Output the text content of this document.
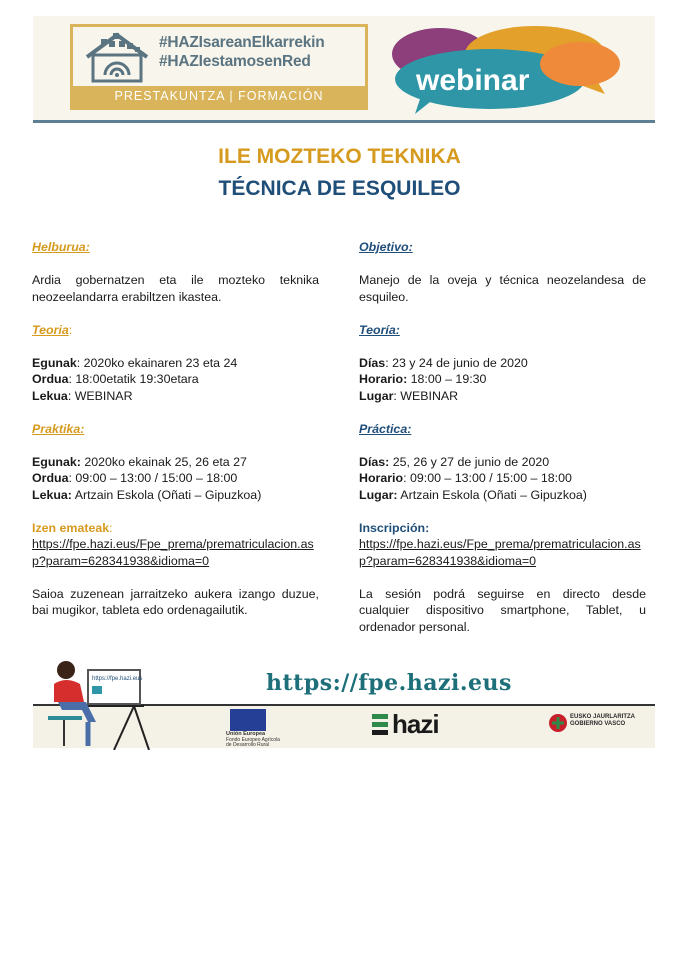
#HAZIsareanElkarrekin
#HAZIestamosenRed
PRESTAKUNTZA | FORMACIÓN	webinar
ILE MOZTEKO TEKNIKA
TÉCNICA DE ESQUILEO
Helburua:
Ardia gobernatzen eta ile mozteko teknika neozeelandarra erabiltzen ikastea.
Teoria:
Egunak: 2020ko ekainaren 23 eta 24
Ordua: 18:00etatik 19:30etara
Lekua: WEBINAR
Praktika:
Egunak: 2020ko ekainak 25, 26 eta 27
Ordua: 09:00 – 13:00 / 15:00 – 18:00
Lekua: Artzain Eskola (Oñati – Gipuzkoa)
Izen emateak:
https://fpe.hazi.eus/Fpe_prema/prematriculacion.asp?param=628341938&idioma=0
Saioa zuzenean jarraitzeko aukera izango duzue, bai mugikor, tableta edo ordenagailutik.
Objetivo:
Manejo de la oveja y técnica neozelandesa de esquileo.
Teoría:
Días: 23 y 24 de junio de 2020
Horario: 18:00 – 19:30
Lugar: WEBINAR
Práctica:
Días: 25, 26 y 27 de junio de 2020
Horario: 09:00 – 13:00 / 15:00 – 18:00
Lugar: Artzain Eskola (Oñati – Gipuzkoa)
Inscripción:
https://fpe.hazi.eus/Fpe_prema/prematriculacion.asp?param=628341938&idioma=0
La sesión podrá seguirse en directo desde cualquier dispositivo smartphone, Tablet, u ordenador personal.
https://fpe.hazi.eus	https://fpe.hazi.eus
Unión Europea
Fondo Europeo Agrícola de Desarrollo Rural
hazi	EUSKO JAURLARITZA
GOBIERNO VASCO
